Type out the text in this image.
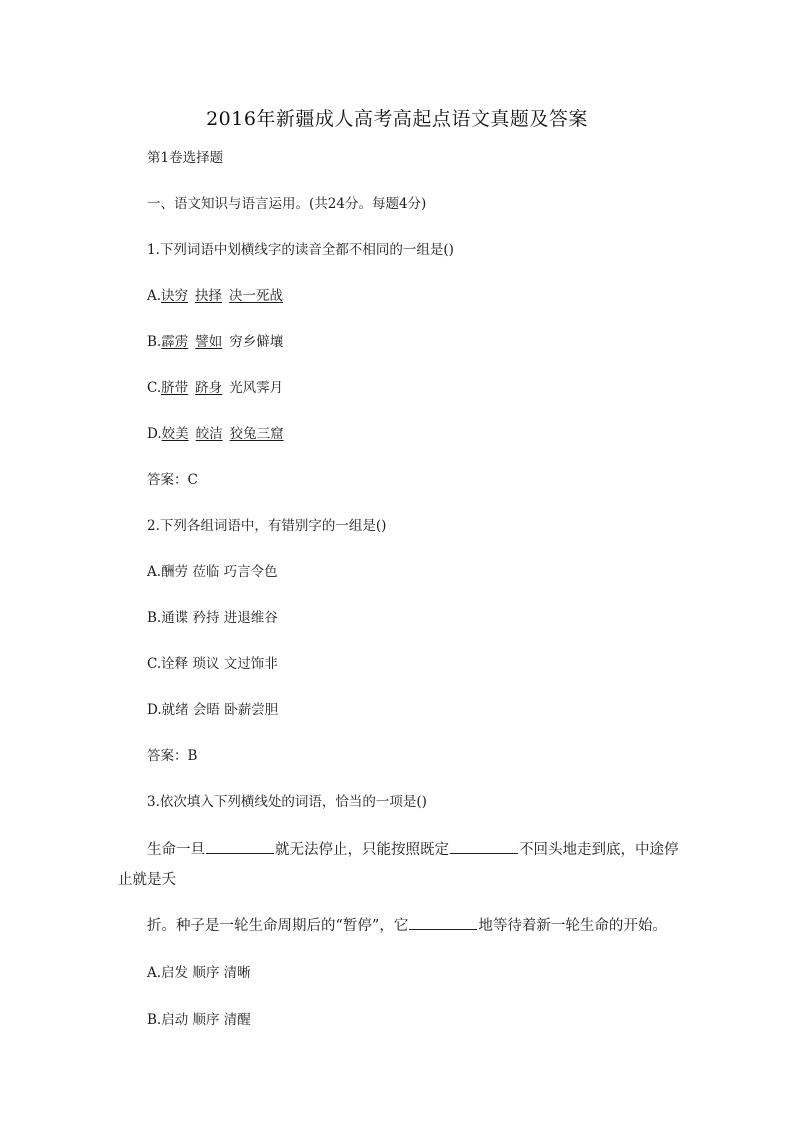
2016年新疆成人高考高起点语文真题及答案
第1卷选择题
一、语文知识与语言运用。(共24分。每题4分)
1.下列词语中划横线字的读音全都不相同的一组是()
A.诀穷 抉择 决一死战
B.霹雳 譬如 穷乡僻壤
C.脐带 跻身 光风霁月
D.姣美 皎洁 狡兔三窟
答案：C
2.下列各组词语中，有错别字的一组是()
A.酬劳 莅临 巧言令色
B.通谍 矜持 进退维谷
C.诠释 琐议 文过饰非
D.就绪 会晤 卧薪尝胆
答案：B
3.依次填入下列横线处的词语，恰当的一项是()
生命一旦	就无法停止，只能按照既定	不回头地走到底，中途停
止就是夭
折。种子是一轮生命周期后的“暂停”，它	地等待着新一轮生命的开始。
A.启发 顺序 清晰
B.启动 顺序 清醒
